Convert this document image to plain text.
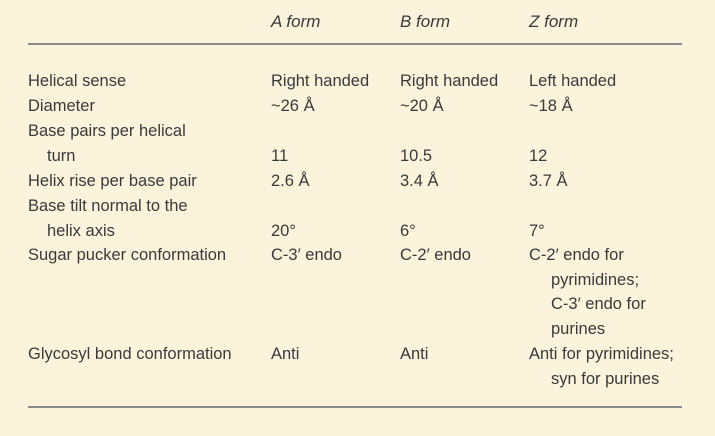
A form	B form	Z form
Helical sense
Diameter
Base pairs per helical
turn
Helix rise per base pair
Base tilt normal to the
helix axis
Sugar pucker conformation
Glycosyl bond conformation
Right handed
~26 Å
11
2.6 Å
20°
C-3′ endo
Anti
Right handed
~20 Å
10.5
3.4 Å
6°
C-2′ endo
Anti
Left handed
~18 Å
12
3.7 Å
7°
C-2′ endo for
pyrimidines;
C-3′ endo for
purines
Anti for pyrimidines;
syn for purines
